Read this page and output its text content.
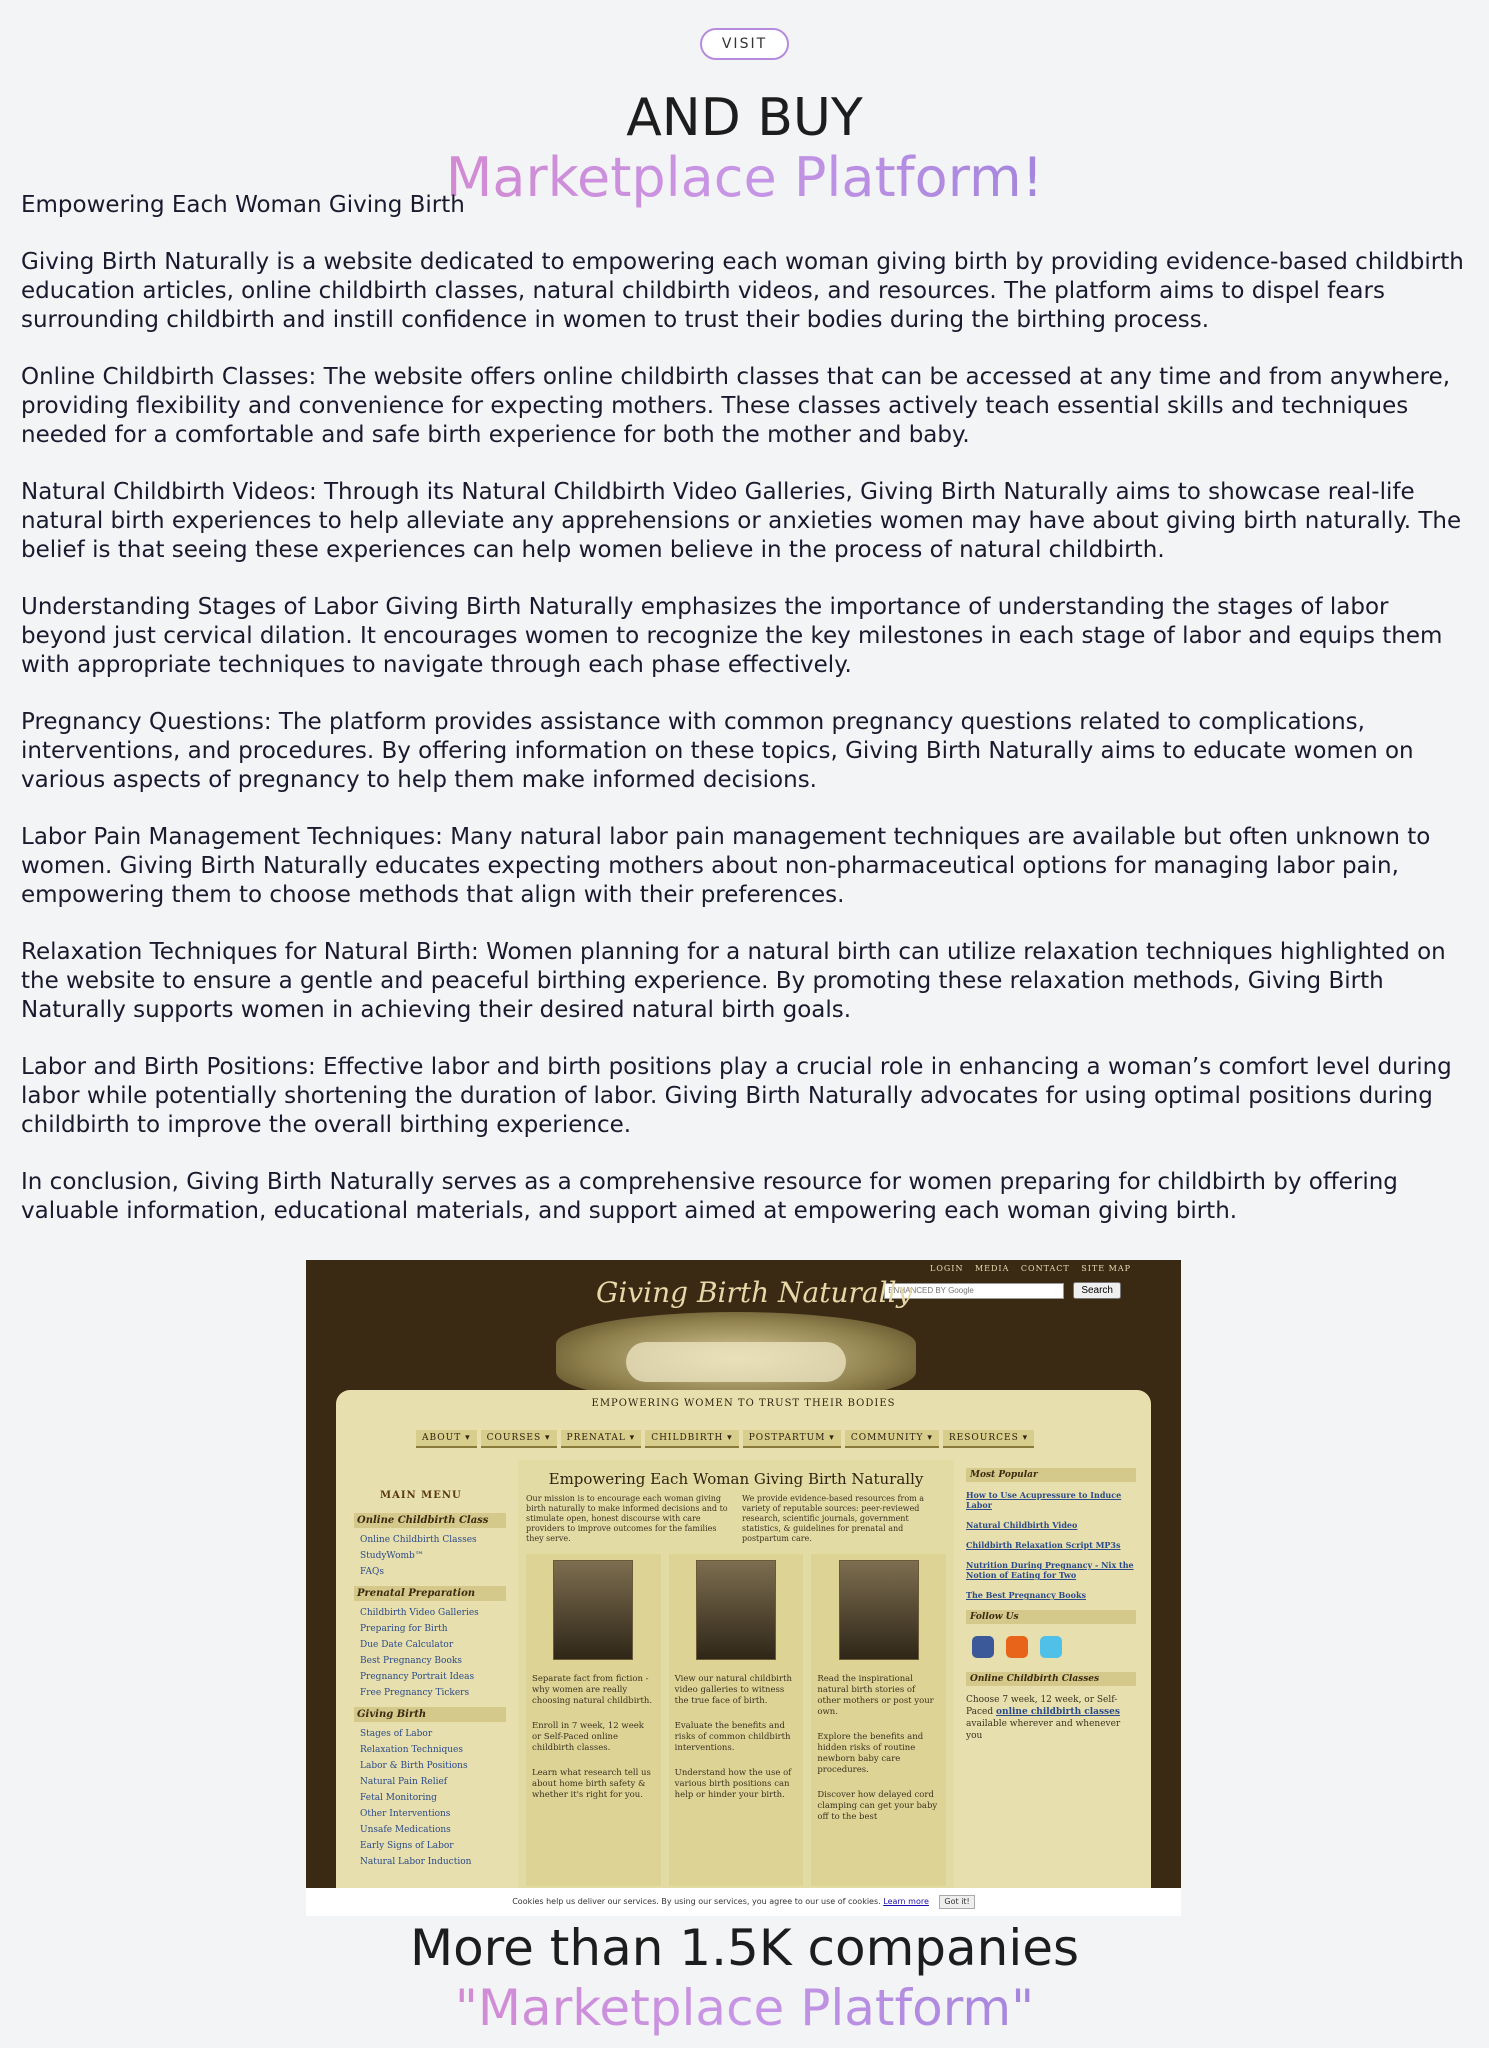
VISIT
AND BUY
Marketplace Platform!
Empowering Each Woman Giving Birth

Giving Birth Naturally is a website dedicated to empowering each woman giving birth by providing evidence-based childbirth education articles, online childbirth classes, natural childbirth videos, and resources. The platform aims to dispel fears surrounding childbirth and instill confidence in women to trust their bodies during the birthing process.

Online Childbirth Classes: The website offers online childbirth classes that can be accessed at any time and from anywhere, providing flexibility and convenience for expecting mothers. These classes actively teach essential skills and techniques needed for a comfortable and safe birth experience for both the mother and baby.

Natural Childbirth Videos: Through its Natural Childbirth Video Galleries, Giving Birth Naturally aims to showcase real-life natural birth experiences to help alleviate any apprehensions or anxieties women may have about giving birth naturally. The belief is that seeing these experiences can help women believe in the process of natural childbirth.

Understanding Stages of Labor Giving Birth Naturally emphasizes the importance of understanding the stages of labor beyond just cervical dilation. It encourages women to recognize the key milestones in each stage of labor and equips them with appropriate techniques to navigate through each phase effectively.

Pregnancy Questions: The platform provides assistance with common pregnancy questions related to complications, interventions, and procedures. By offering information on these topics, Giving Birth Naturally aims to educate women on various aspects of pregnancy to help them make informed decisions.

Labor Pain Management Techniques: Many natural labor pain management techniques are available but often unknown to women. Giving Birth Naturally educates expecting mothers about non-pharmaceutical options for managing labor pain, empowering them to choose methods that align with their preferences.

Relaxation Techniques for Natural Birth: Women planning for a natural birth can utilize relaxation techniques highlighted on the website to ensure a gentle and peaceful birthing experience. By promoting these relaxation methods, Giving Birth Naturally supports women in achieving their desired natural birth goals.

Labor and Birth Positions: Effective labor and birth positions play a crucial role in enhancing a woman’s comfort level during labor while potentially shortening the duration of labor. Giving Birth Naturally advocates for using optimal positions during childbirth to improve the overall birthing experience.

In conclusion, Giving Birth Naturally serves as a comprehensive resource for women preparing for childbirth by offering valuable information, educational materials, and support aimed at empowering each woman giving birth.

LOGIN MEDIA CONTACT SITE MAP
ENHANCED BY Google Search
Giving Birth Naturally
EMPOWERING WOMEN TO TRUST THEIR BODIES
ABOUT ▾ COURSES ▾ PRENATAL ▾ CHILDBIRTH ▾ POSTPARTUM ▾ COMMUNITY ▾ RESOURCES ▾
MAIN MENU
Online Childbirth Class
Online Childbirth Classes
StudyWomb™
FAQs
Prenatal Preparation
Childbirth Video Galleries
Preparing for Birth
Due Date Calculator
Best Pregnancy Books
Pregnancy Portrait Ideas
Free Pregnancy Tickers
Giving Birth
Stages of Labor
Relaxation Techniques
Labor & Birth Positions
Natural Pain Relief
Fetal Monitoring
Other Interventions
Unsafe Medications
Early Signs of Labor
Natural Labor Induction
Empowering Each Woman Giving Birth Naturally
Our mission is to encourage each woman giving birth naturally to make informed decisions and to stimulate open, honest discourse with care providers to improve outcomes for the families they serve.
We provide evidence-based resources from a variety of reputable sources: peer-reviewed research, scientific journals, government statistics, & guidelines for prenatal and postpartum care.

Separate fact from fiction - why women are really choosing natural childbirth.

Enroll in 7 week, 12 week or Self-Paced online childbirth classes.

Learn what research tell us about home birth safety & whether it's right for you.

View our natural childbirth video galleries to witness the true face of birth.

Evaluate the benefits and risks of common childbirth interventions.

Understand how the use of various birth positions can help or hinder your birth.

Read the inspirational natural birth stories of other mothers or post your own.

Explore the benefits and hidden risks of routine newborn baby care procedures.

Discover how delayed cord clamping can get your baby off to the best

Most Popular
How to Use Acupressure to Induce Labor
Natural Childbirth Video
Childbirth Relaxation Script MP3s
Nutrition During Pregnancy - Nix the Notion of Eating for Two
The Best Pregnancy Books
Follow Us
Online Childbirth Classes
Choose 7 week, 12 week, or Self- Paced online childbirth classes available wherever and whenever you
Cookies help us deliver our services. By using our services, you agree to our use of cookies. Learn more Got it!
More than 1.5K companies
"Marketplace Platform"
